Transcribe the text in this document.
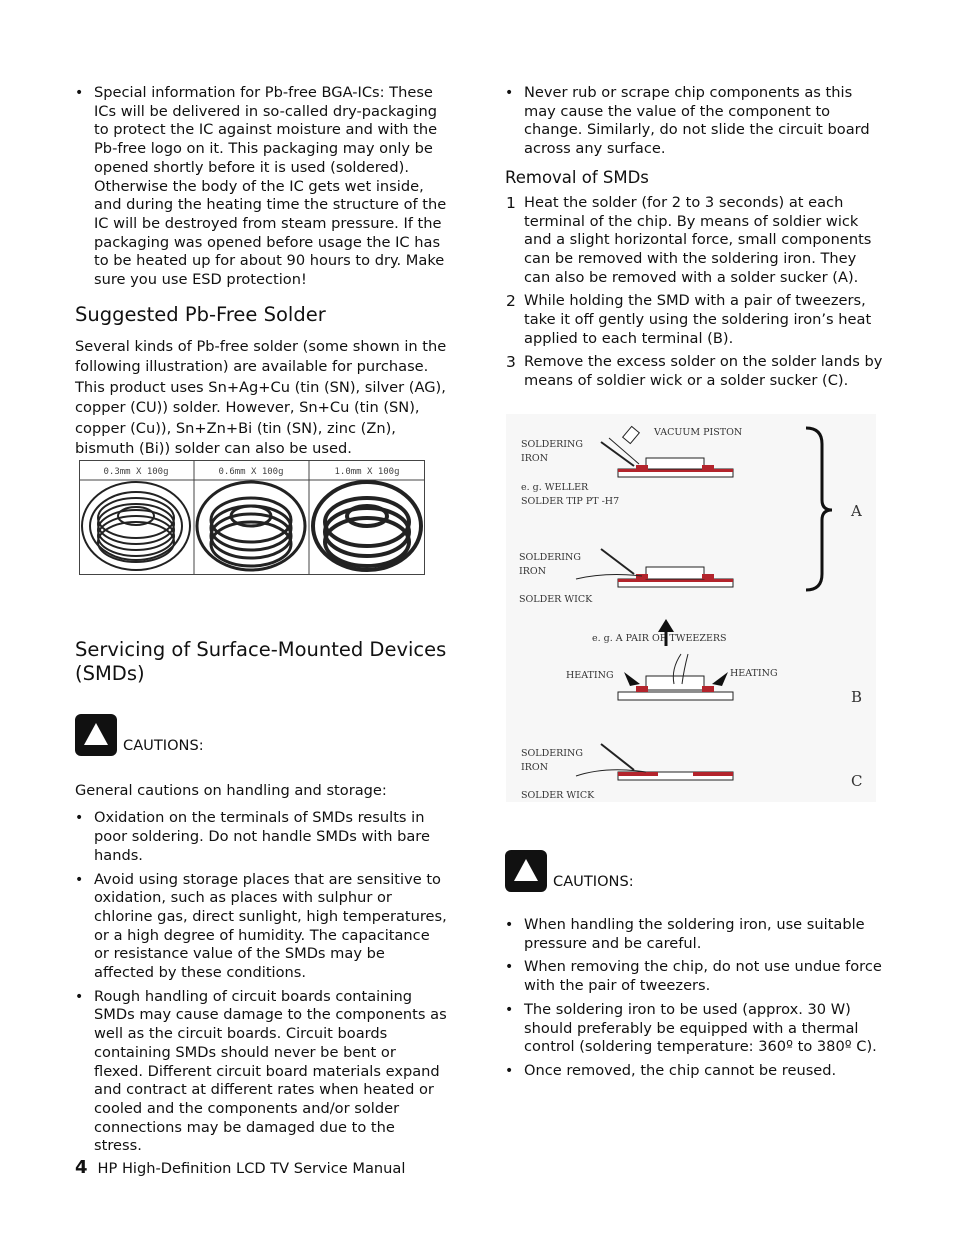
• Special information for Pb-free BGA-ICs: These ICs will be delivered in so-called dry-packaging to protect the IC against moisture and with the Pb-free logo on it. This packaging may only be opened shortly before it is used (soldered). Otherwise the body of the IC gets wet inside, and during the heating time the structure of the IC will be destroyed from steam pressure. If the packaging was opened before usage the IC has to be heated up for about 90 hours to dry. Make sure you use ESD protection!
Suggested Pb-Free Solder

Several kinds of Pb-free solder (some shown in the following illustration) are available for purchase. This product uses Sn+Ag+Cu (tin (SN), silver (AG), copper (CU)) solder. However, Sn+Cu (tin (SN), copper (Cu)), Sn+Zn+Bi (tin (SN), zinc (Zn), bismuth (Bi)) solder can also be used.

Servicing of Surface-Mounted Devices (SMDs)
CAUTIONS:

General cautions on handling and storage:

• Oxidation on the terminals of SMDs results in poor soldering. Do not handle SMDs with bare hands.
• Avoid using storage places that are sensitive to oxidation, such as places with sulphur or chlorine gas, direct sunlight, high temperatures, or a high degree of humidity. The capacitance or resistance value of the SMDs may be affected by these conditions.
• Rough handling of circuit boards containing SMDs may cause damage to the components as well as the circuit boards. Circuit boards containing SMDs should never be bent or flexed. Different circuit board materials expand and contract at different rates when heated or cooled and the components and/or solder connections may be damaged due to the stress.
0.3mm X 100g	0.6mm X 100g	1.0mm X 100g
• Never rub or scrape chip components as this may cause the value of the component to change. Similarly, do not slide the circuit board across any surface.
Removal of SMDs
1 Heat the solder (for 2 to 3 seconds) at each terminal of the chip. By means of soldier wick and a slight horizontal force, small components can be removed with the soldering iron. They can also be removed with a solder sucker (A).
2 While holding the SMD with a pair of tweezers, take it off gently using the soldering iron’s heat applied to each terminal (B).
3 Remove the excess solder on the solder lands by means of soldier wick or a solder sucker (C).
SOLDERING
IRON
VACUUM PISTON
e. g. WELLER
SOLDER TIP PT -H7
SOLDERING
IRON
SOLDER WICK
e. g. A PAIR OF TWEEZERS
HEATING	HEATING
SOLDERING
IRON
SOLDER WICK
A
B
C
CAUTIONS:
• When handling the soldering iron, use suitable pressure and be careful.
• When removing the chip, do not use undue force with the pair of tweezers.
• The soldering iron to be used (approx. 30 W) should preferably be equipped with a thermal control (soldering temperature: 360º to 380º C).
• Once removed, the chip cannot be reused.
4 HP High-Definition LCD TV Service Manual
